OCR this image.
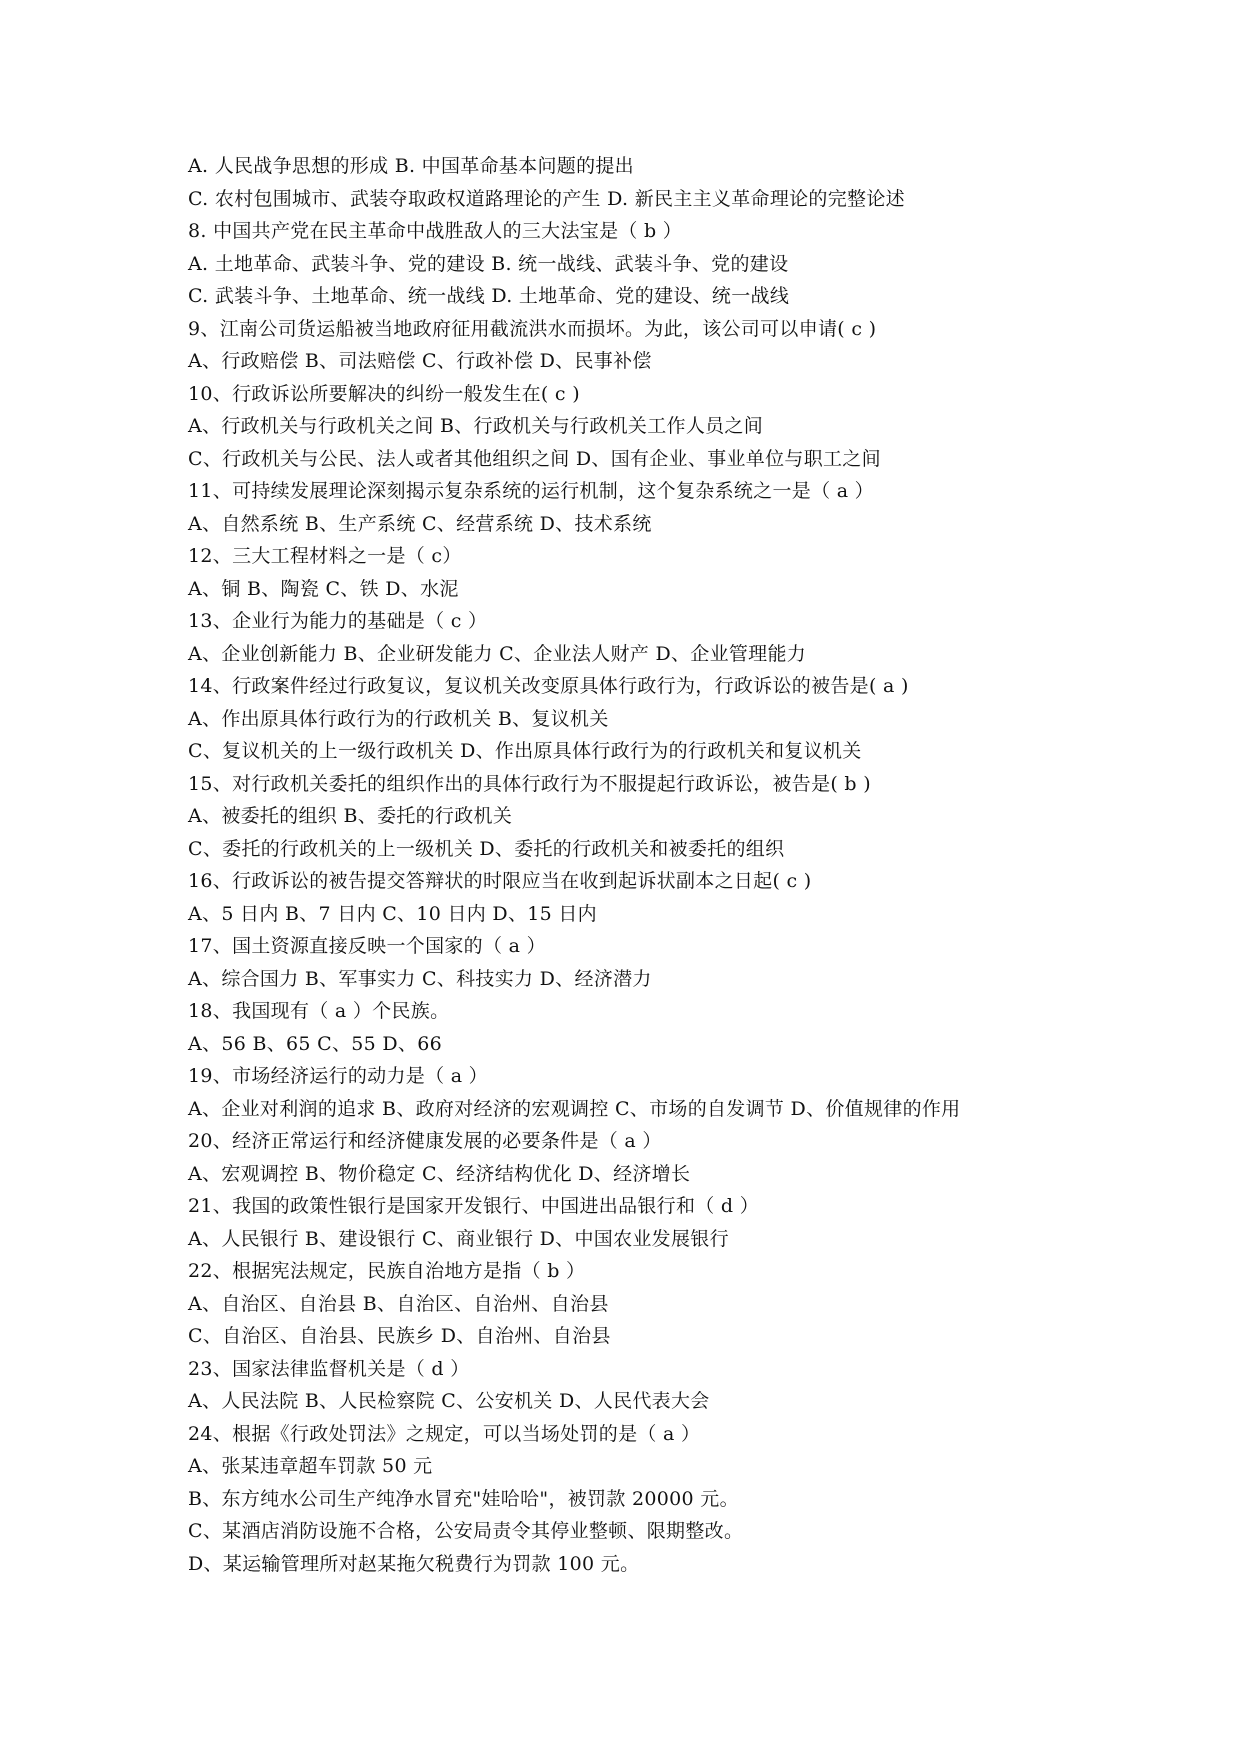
A. 人民战争思想的形成 B. 中国革命基本问题的提出
C. 农村包围城市、武装夺取政权道路理论的产生 D. 新民主主义革命理论的完整论述
8. 中国共产党在民主革命中战胜敌人的三大法宝是（ b ）
A. 土地革命、武装斗争、党的建设 B. 统一战线、武装斗争、党的建设
C. 武装斗争、土地革命、统一战线 D. 土地革命、党的建设、统一战线
9、江南公司货运船被当地政府征用截流洪水而损坏。为此，该公司可以申请( c )
A、行政赔偿 B、司法赔偿 C、行政补偿 D、民事补偿
10、行政诉讼所要解决的纠纷一般发生在( c )
A、行政机关与行政机关之间 B、行政机关与行政机关工作人员之间
C、行政机关与公民、法人或者其他组织之间 D、国有企业、事业单位与职工之间
11、可持续发展理论深刻揭示复杂系统的运行机制，这个复杂系统之一是（ a ）
A、自然系统 B、生产系统 C、经营系统 D、技术系统
12、三大工程材料之一是（ c）
A、铜 B、陶瓷 C、铁 D、水泥
13、企业行为能力的基础是（ c ）
A、企业创新能力 B、企业研发能力 C、企业法人财产 D、企业管理能力
14、行政案件经过行政复议，复议机关改变原具体行政行为，行政诉讼的被告是( a )
A、作出原具体行政行为的行政机关 B、复议机关
C、复议机关的上一级行政机关 D、作出原具体行政行为的行政机关和复议机关
15、对行政机关委托的组织作出的具体行政行为不服提起行政诉讼，被告是( b )
A、被委托的组织 B、委托的行政机关
C、委托的行政机关的上一级机关 D、委托的行政机关和被委托的组织
16、行政诉讼的被告提交答辩状的时限应当在收到起诉状副本之日起( c )
A、5 日内 B、7 日内 C、10 日内 D、15 日内
17、国土资源直接反映一个国家的（ a ）
A、综合国力 B、军事实力 C、科技实力 D、经济潜力
18、我国现有（ a ）个民族。
A、56 B、65 C、55 D、66
19、市场经济运行的动力是（ a ）
A、企业对利润的追求 B、政府对经济的宏观调控 C、市场的自发调节 D、价值规律的作用
20、经济正常运行和经济健康发展的必要条件是（ a ）
A、宏观调控 B、物价稳定 C、经济结构优化 D、经济增长
21、我国的政策性银行是国家开发银行、中国进出品银行和（ d ）
A、人民银行 B、建设银行 C、商业银行 D、中国农业发展银行
22、根据宪法规定，民族自治地方是指（ b ）
A、自治区、自治县 B、自治区、自治州、自治县
C、自治区、自治县、民族乡 D、自治州、自治县
23、国家法律监督机关是（ d ）
A、人民法院 B、人民检察院 C、公安机关 D、人民代表大会
24、根据《行政处罚法》之规定，可以当场处罚的是（ a ）
A、张某违章超车罚款 50 元
B、东方纯水公司生产纯净水冒充"娃哈哈"，被罚款 20000 元。
C、某酒店消防设施不合格，公安局责令其停业整顿、限期整改。
D、某运输管理所对赵某拖欠税费行为罚款 100 元。
